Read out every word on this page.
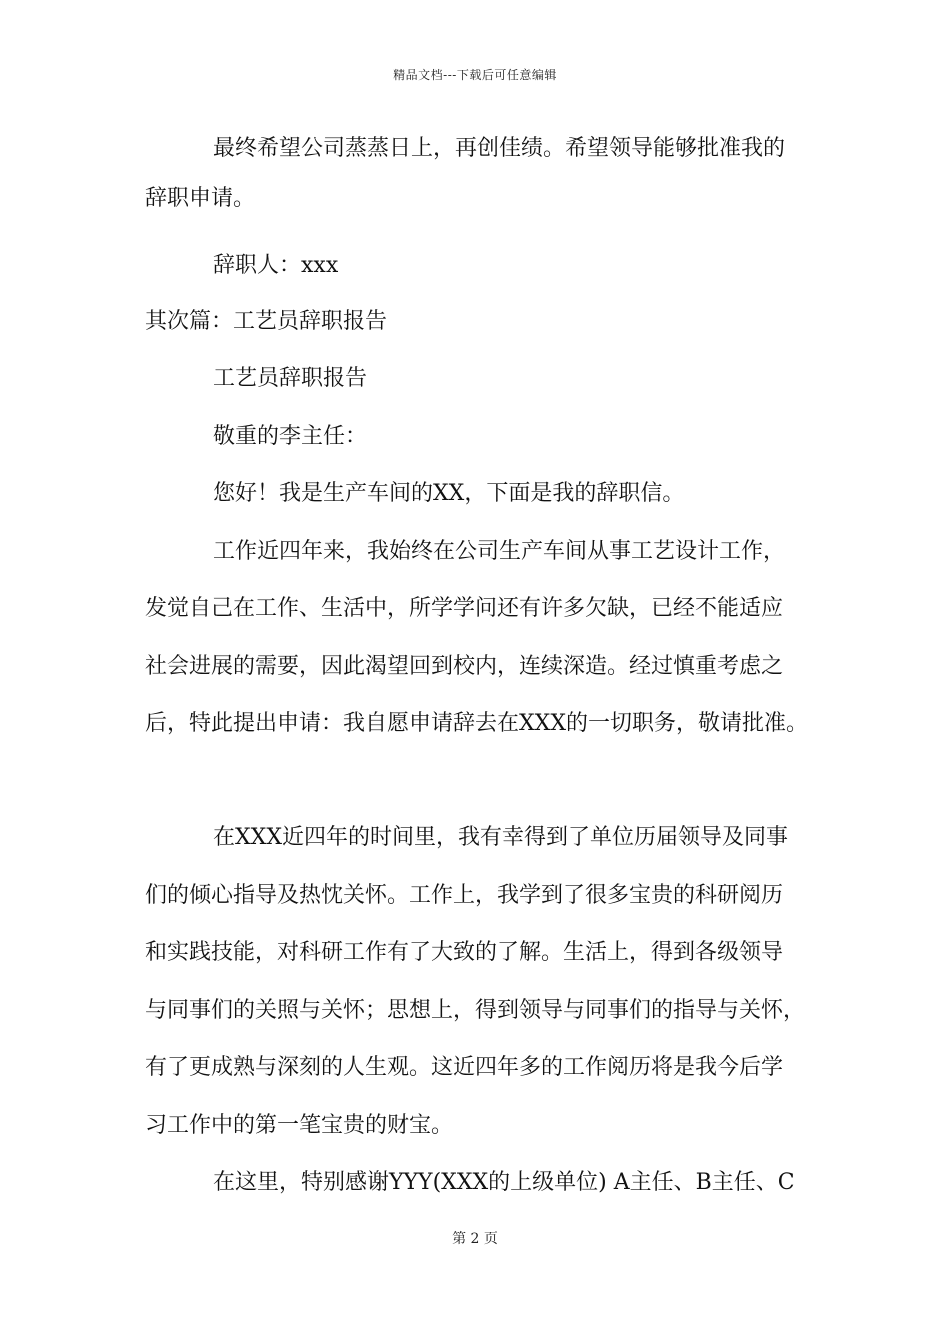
精品文档---下载后可任意编辑
最终希望公司蒸蒸日上，再创佳绩。希望领导能够批准我的
辞职申请。
辞职人：xxx
其次篇：工艺员辞职报告
工艺员辞职报告
敬重的李主任：
您好！我是生产车间的XX，下面是我的辞职信。
工作近四年来，我始终在公司生产车间从事工艺设计工作，
发觉自己在工作、生活中，所学学问还有许多欠缺，已经不能适应
社会进展的需要，因此渴望回到校内，连续深造。经过慎重考虑之
后，特此提出申请：我自愿申请辞去在XXX的一切职务，敬请批准。
在XXX近四年的时间里，我有幸得到了单位历届领导及同事
们的倾心指导及热忱关怀。工作上，我学到了很多宝贵的科研阅历
和实践技能，对科研工作有了大致的了解。生活上，得到各级领导
与同事们的关照与关怀；思想上，得到领导与同事们的指导与关怀，
有了更成熟与深刻的人生观。这近四年多的工作阅历将是我今后学
习工作中的第一笔宝贵的财宝。
在这里，特别感谢YYY(XXX的上级单位) A主任、B主任、C
第 2 页
